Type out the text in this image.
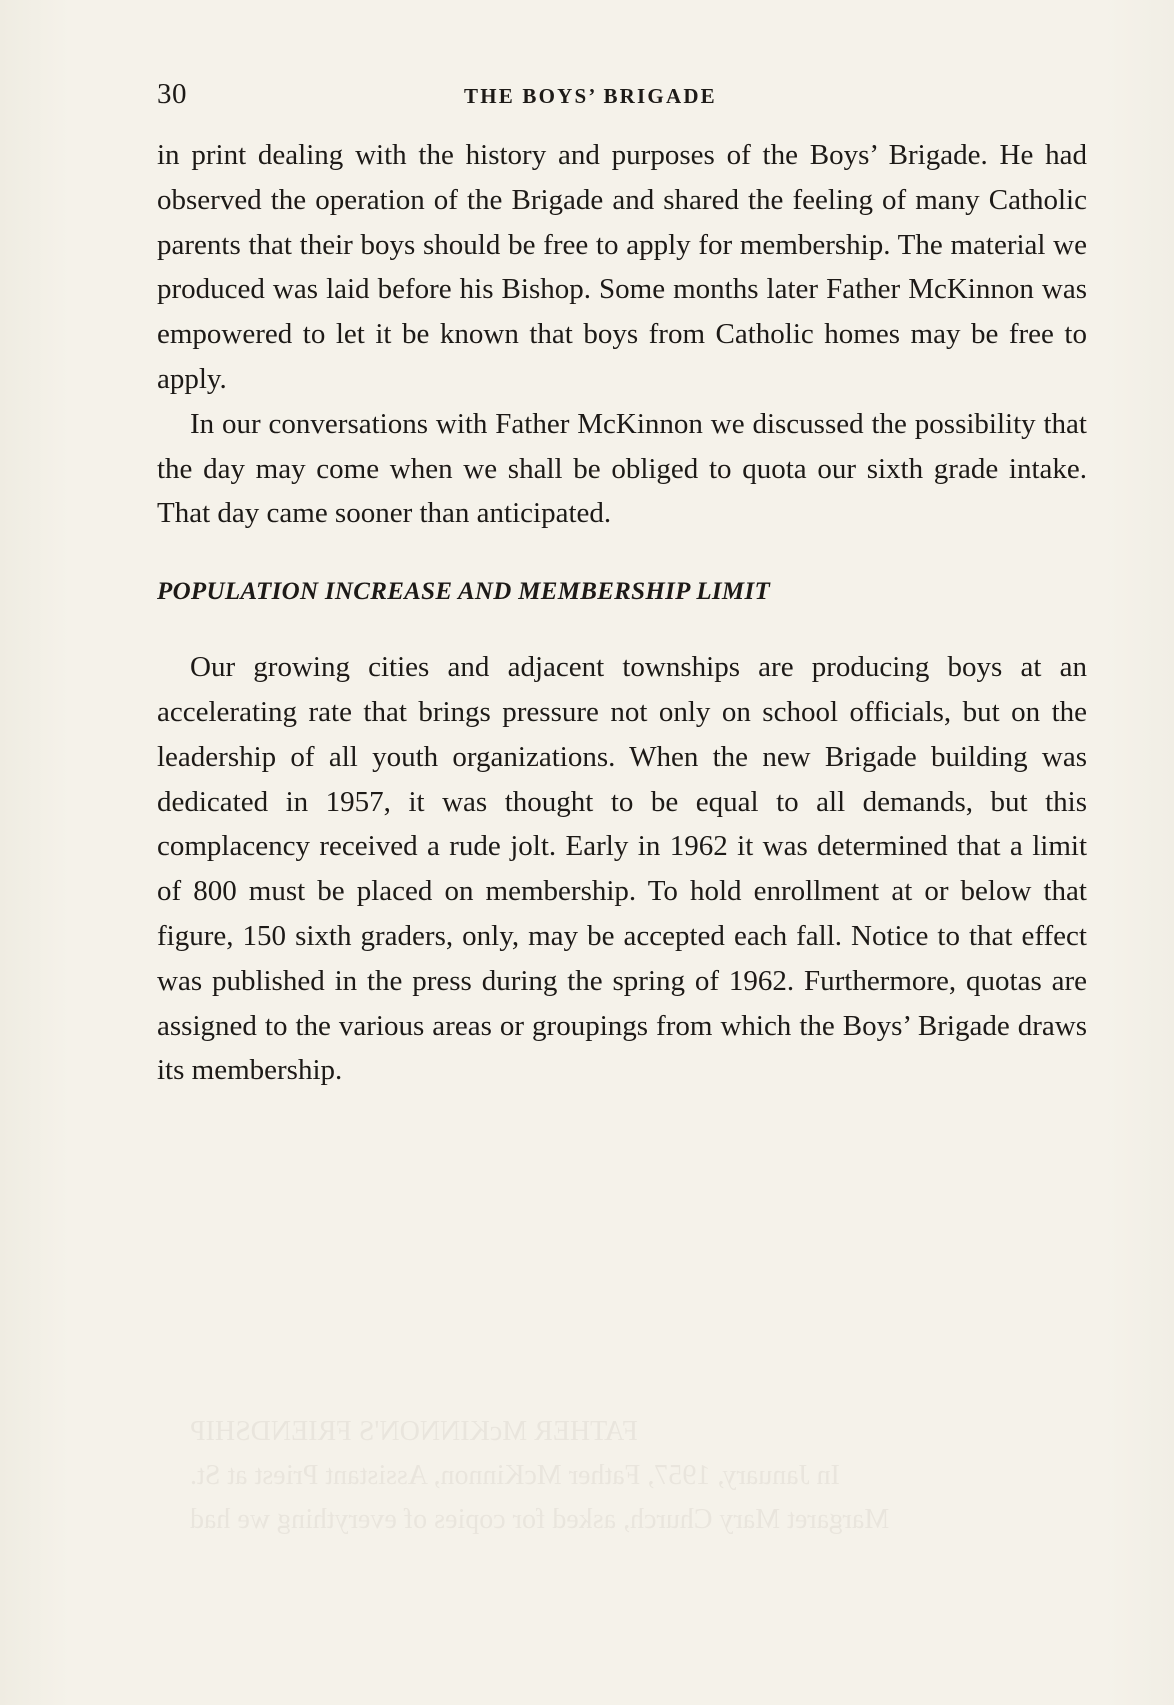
FATHER McKINNON'S FRIENDSHIP
In January, 1957, Father McKinnon, Assistant Priest at St.
Margaret Mary Church, asked for copies of everything we had
30	THE BOYS’ BRIGADE

in print dealing with the history and purposes of the Boys’ Brigade. He had observed the operation of the Brigade and shared the feeling of many Catholic parents that their boys should be free to apply for membership. The material we produced was laid before his Bishop. Some months later Father McKinnon was empowered to let it be known that boys from Catholic homes may be free to apply.

In our conversations with Father McKinnon we discussed the possibility that the day may come when we shall be obliged to quota our sixth grade intake. That day came sooner than anticipated.

POPULATION INCREASE AND MEMBERSHIP LIMIT

Our growing cities and adjacent townships are producing boys at an accelerating rate that brings pressure not only on school officials, but on the leadership of all youth organizations. When the new Brigade building was dedicated in 1957, it was thought to be equal to all demands, but this complacency received a rude jolt. Early in 1962 it was determined that a limit of 800 must be placed on membership. To hold enrollment at or below that figure, 150 sixth graders, only, may be accepted each fall. Notice to that effect was published in the press during the spring of 1962. Furthermore, quotas are assigned to the various areas or groupings from which the Boys’ Brigade draws its membership.
